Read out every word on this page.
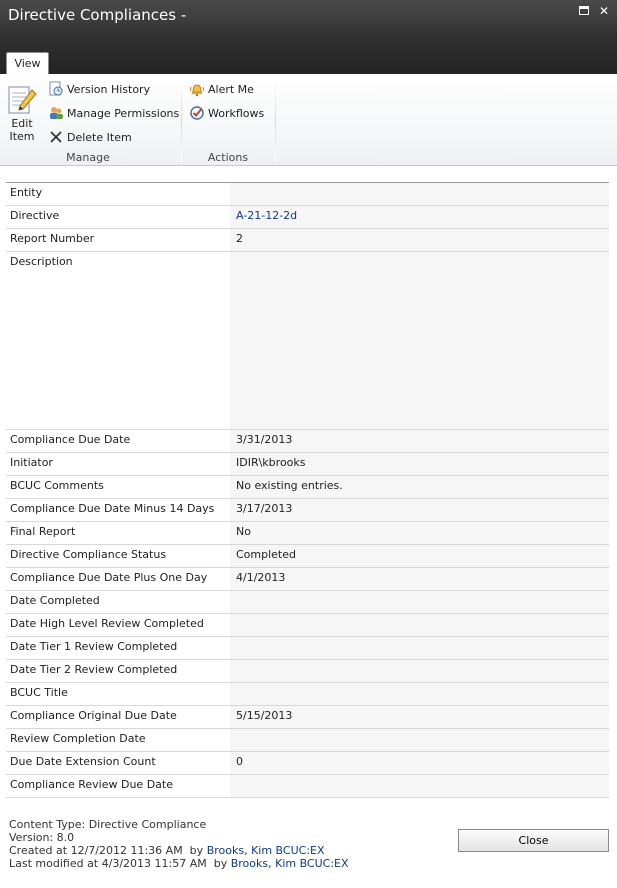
Directive Compliances -	✕
View
Edit
Item
Version History
Manage Permissions
Delete Item
Manage
Alert Me
Workflows
Actions
Entity
Directive	A-21-12-2d
Report Number	2
Description
Compliance Due Date	3/31/2013
Initiator	IDIR\kbrooks
BCUC Comments	No existing entries.
Compliance Due Date Minus 14 Days	3/17/2013
Final Report	No
Directive Compliance Status	Completed
Compliance Due Date Plus One Day	4/1/2013
Date Completed
Date High Level Review Completed
Date Tier 1 Review Completed
Date Tier 2 Review Completed
BCUC Title
Compliance Original Due Date	5/15/2013
Review Completion Date
Due Date Extension Count	0
Compliance Review Due Date
Content Type: Directive Compliance
Version: 8.0
Created at 12/7/2012 11:36 AM  by Brooks, Kim BCUC:EX
Last modified at 4/3/2013 11:57 AM  by Brooks, Kim BCUC:EX
Close
